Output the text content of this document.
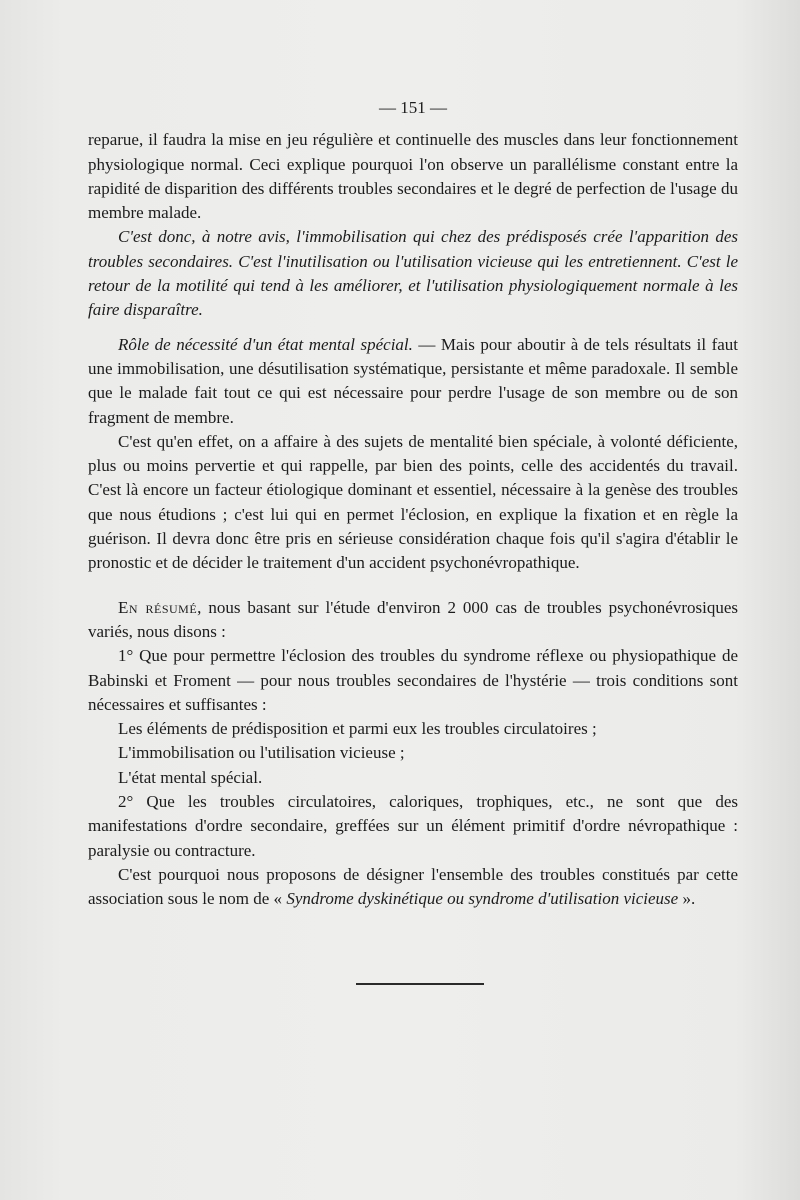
— 151 —

reparue, il faudra la mise en jeu régulière et continuelle des muscles dans leur fonctionnement physiologique normal. Ceci explique pourquoi l'on observe un parallélisme constant entre la rapidité de disparition des différents troubles secondaires et le degré de perfection de l'usage du membre malade.

C'est donc, à notre avis, l'immobilisation qui chez des prédisposés crée l'apparition des troubles secondaires. C'est l'inutilisation ou l'utilisation vicieuse qui les entretiennent. C'est le retour de la motilité qui tend à les améliorer, et l'utilisation physiologiquement normale à les faire disparaître.

Rôle de nécessité d'un état mental spécial. — Mais pour aboutir à de tels résultats il faut une immobilisation, une désutilisation systématique, persistante et même paradoxale. Il semble que le malade fait tout ce qui est nécessaire pour perdre l'usage de son membre ou de son fragment de membre.

C'est qu'en effet, on a affaire à des sujets de mentalité bien spéciale, à volonté déficiente, plus ou moins pervertie et qui rappelle, par bien des points, celle des accidentés du travail. C'est là encore un facteur étiologique dominant et essentiel, nécessaire à la genèse des troubles que nous étudions ; c'est lui qui en permet l'éclosion, en explique la fixation et en règle la guérison. Il devra donc être pris en sérieuse considération chaque fois qu'il s'agira d'établir le pronostic et de décider le traitement d'un accident psychonévropathique.

En résumé, nous basant sur l'étude d'environ 2 000 cas de troubles psychonévrosiques variés, nous disons :

1° Que pour permettre l'éclosion des troubles du syndrome réflexe ou physiopathique de Babinski et Froment — pour nous troubles secondaires de l'hystérie — trois conditions sont nécessaires et suffisantes :

Les éléments de prédisposition et parmi eux les troubles circulatoires ;

L'immobilisation ou l'utilisation vicieuse ;

L'état mental spécial.

2° Que les troubles circulatoires, caloriques, trophiques, etc., ne sont que des manifestations d'ordre secondaire, greffées sur un élément primitif d'ordre névropathique : paralysie ou contracture.

C'est pourquoi nous proposons de désigner l'ensemble des troubles constitués par cette association sous le nom de « Syndrome dyskinétique ou syndrome d'utilisation vicieuse ».
